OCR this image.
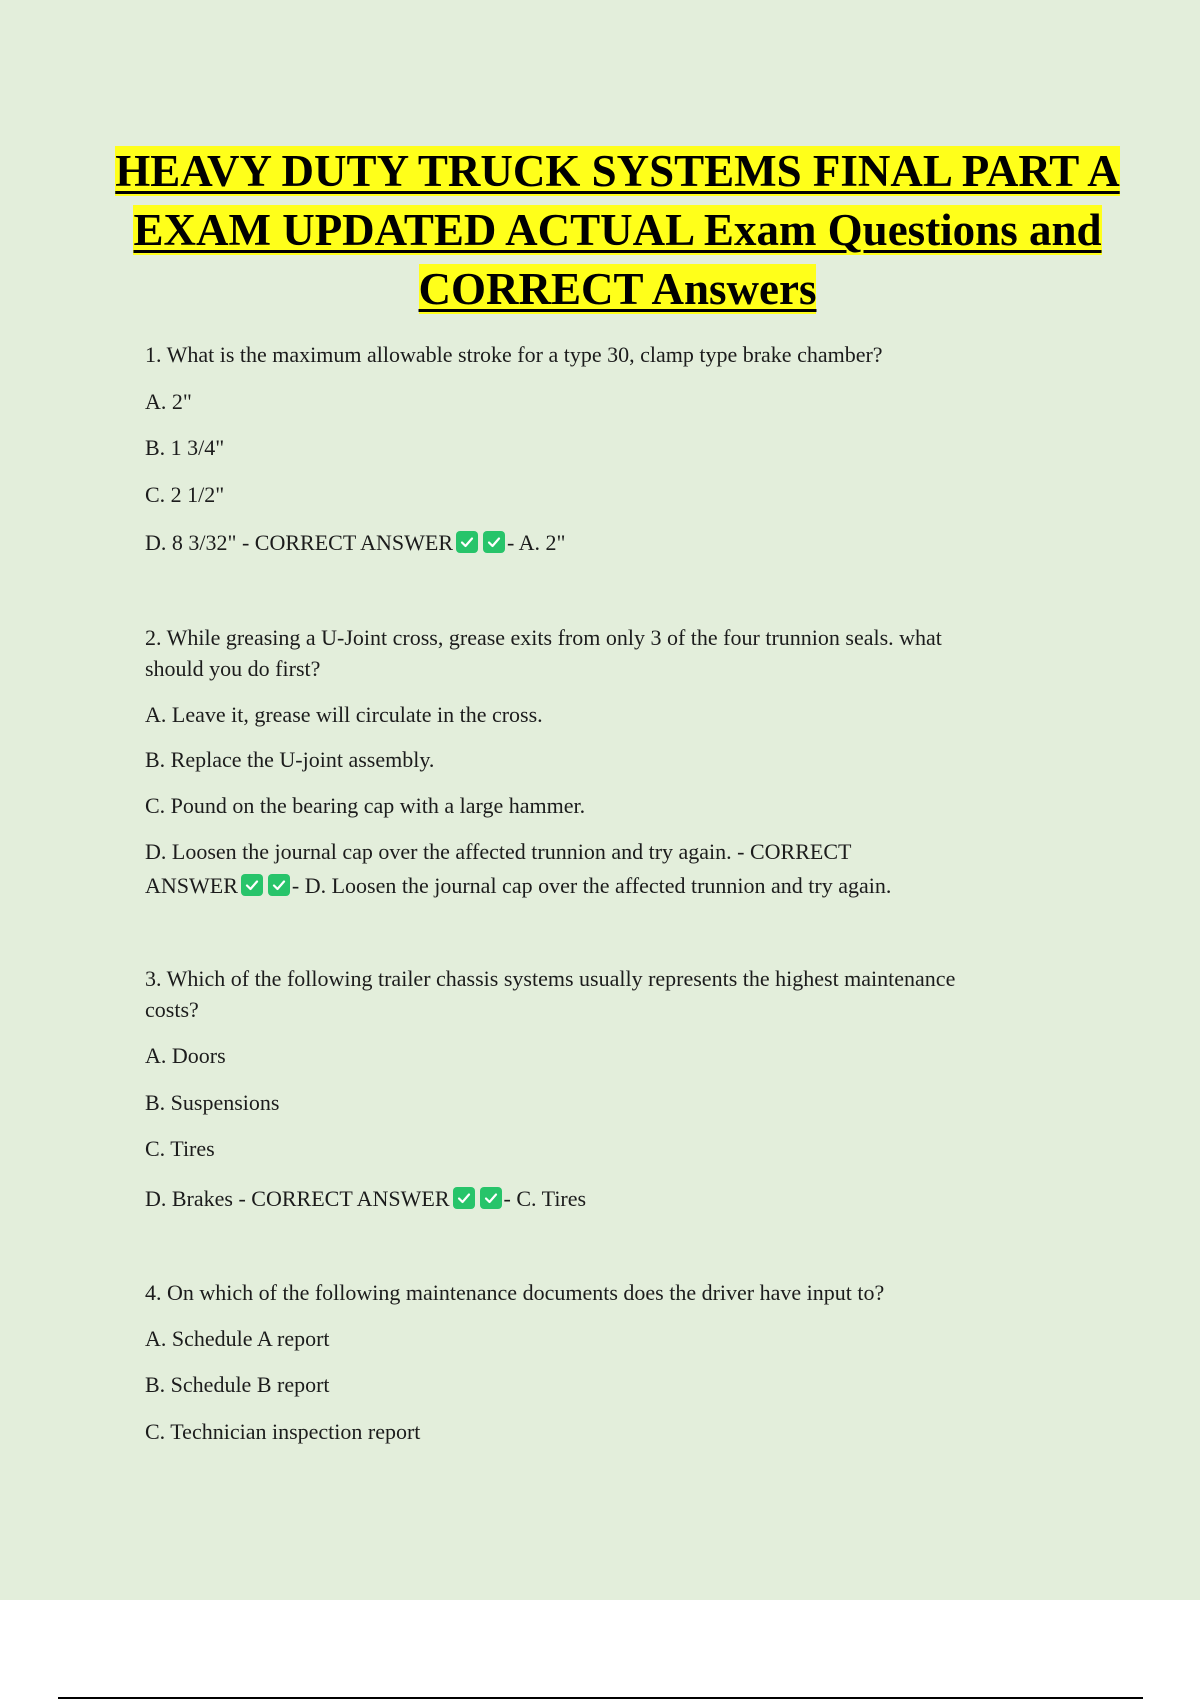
HEAVY DUTY TRUCK SYSTEMS FINAL PART A EXAM UPDATED ACTUAL Exam Questions and CORRECT Answers

1. What is the maximum allowable stroke for a type 30, clamp type brake chamber?

A. 2"

B. 1 3/4"

C. 2 1/2"

D. 8 3/32" - CORRECT ANSWER - A. 2"

2. While greasing a U-Joint cross, grease exits from only 3 of the four trunnion seals. what

should you do first?

A. Leave it, grease will circulate in the cross.

B. Replace the U-joint assembly.

C. Pound on the bearing cap with a large hammer.

D. Loosen the journal cap over the affected trunnion and try again. - CORRECT

ANSWER - D. Loosen the journal cap over the affected trunnion and try again.

3. Which of the following trailer chassis systems usually represents the highest maintenance

costs?

A. Doors

B. Suspensions

C. Tires

D. Brakes - CORRECT ANSWER - C. Tires

4. On which of the following maintenance documents does the driver have input to?

A. Schedule A report

B. Schedule B report

C. Technician inspection report
